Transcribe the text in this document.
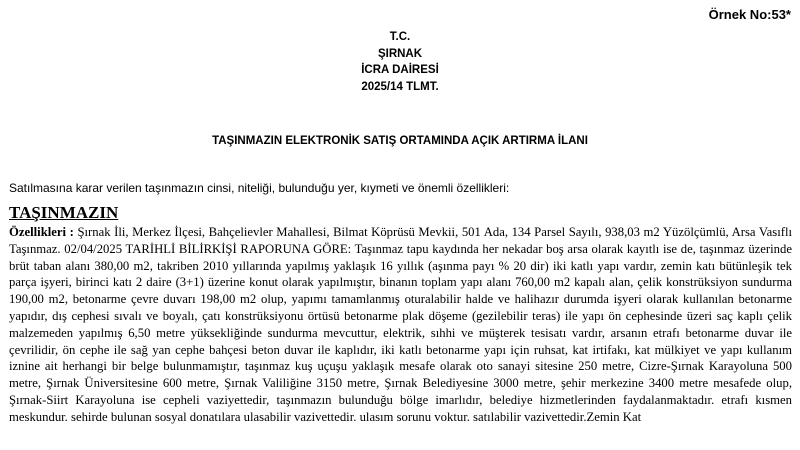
Örnek No:53*
T.C.
ŞIRNAK
İCRA DAİRESİ
2025/14 TLMT.
TAŞINMAZIN ELEKTRONİK SATIŞ ORTAMINDA AÇIK ARTIRMA İLANI
Satılmasına karar verilen taşınmazın cinsi, niteliği, bulunduğu yer, kıymeti ve önemli özellikleri:
TAŞINMAZIN

Özellikleri : Şırnak İli, Merkez İlçesi, Bahçelievler Mahallesi, Bilmat Köprüsü Mevkii, 501 Ada, 134 Parsel Sayılı, 938,03 m2 Yüzölçümlü, Arsa Vasıflı Taşınmaz. 02/04/2025 TARİHLİ BİLİRKİŞİ RAPORUNA GÖRE: Taşınmaz tapu kaydında her nekadar boş arsa olarak kayıtlı ise de, taşınmaz üzerinde brüt taban alanı 380,00 m2, takriben 2010 yıllarında yapılmış yaklaşık 16 yıllık (aşınma payı % 20 dir) iki katlı yapı vardır, zemin katı bütünleşik tek parça işyeri, birinci katı 2 daire (3+1) üzerine konut olarak yapılmıştır, binanın toplam yapı alanı 760,00 m2 kapalı alan, çelik konstrüksiyon sundurma 190,00 m2, betonarme çevre duvarı 198,00 m2 olup, yapımı tamamlanmış oturalabilir halde ve halihazır durumda işyeri olarak kullanılan betonarme yapıdır, dış cephesi sıvalı ve boyalı, çatı konstrüksiyonu örtüsü betonarme plak döşeme (gezilebilir teras) ile yapı ön cephesinde üzeri saç kaplı çelik malzemeden yapılmış 6,50 metre yüksekliğinde sundurma mevcuttur, elektrik, sıhhi ve müşterek tesisatı vardır, arsanın etrafı betonarme duvar ile çevrilidir, ön cephe ile sağ yan cephe bahçesi beton duvar ile kaplıdır, iki katlı betonarme yapı için ruhsat, kat irtifakı, kat mülkiyet ve yapı kullanım iznine ait herhangi bir belge bulunmamıştır, taşınmaz kuş uçuşu yaklaşık mesafe olarak oto sanayi sitesine 250 metre, Cizre-Şırnak Karayoluna 500 metre, Şırnak Üniversitesine 600 metre, Şırnak Valiliğine 3150 metre, Şırnak Belediyesine 3000 metre, şehir merkezine 3400 metre mesafede olup, Şırnak-Siirt Karayoluna ise cepheli vaziyettedir, taşınmazın bulunduğu bölge imarlıdır, belediye hizmetlerinden faydalanmaktadır. etrafı kısmen meskundur. sehirde bulunan sosyal donatılara ulasabilir vazivettedir. ulasım sorunu voktur. satılabilir vazivettedir.Zemin Kat
